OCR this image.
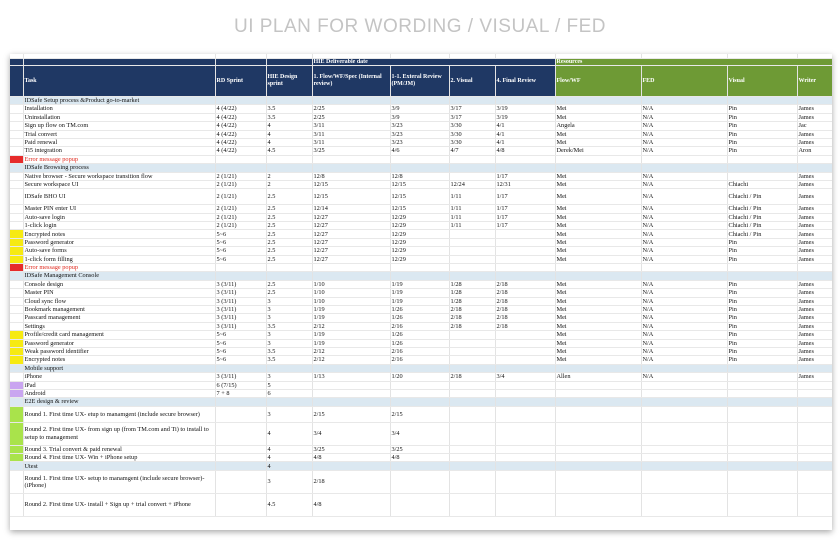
UI PLAN FOR WORDING / VISUAL / FED

				HIE Deliverable date				Resources			
	Task	RD Sprint	HIE Design sprint	1. Flow/WF/Spec (Internal review)	1-1. Exteral Review (PM/JM)	2. Visual	4. Final Review	Flow/WF	FED	Visual	Writer
	IDSafe Setup process &Product go-to-market										
	Installation	4 (4/22)	3.5	2/25	3/9	3/17	3/19	Mei	N/A	Pin	James
	Uninstallation	4 (4/22)	3.5	2/25	3/9	3/17	3/19	Mei	N/A	Pin	James
	Sign up flow on TM.com	4 (4/22)	4	3/11	3/23	3/30	4/1	Angela	N/A	Pin	Jac
	Trial convert	4 (4/22)	4	3/11	3/23	3/30	4/1	Mei	N/A	Pin	James
	Paid renewal	4 (4/22)	4	3/11	3/23	3/30	4/1	Mei	N/A	Pin	James
	Ti5 integration	4 (4/22)	4.5	3/25	4/6	4/7	4/8	Derek/Mei	N/A	Pin	Aron
	Error message popup										
	IDSafe Browsing process										
	Native browser - Secure workspace transition flow	2 (1/21)	2	12/8	12/8		1/17	Mei	N/A		James
	Secure workspace UI	2 (1/21)	2	12/15	12/15	12/24	12/31	Mei	N/A	Chiachi	James
	IDSafe BHO UI	2 (1/21)	2.5	12/15	12/15	1/11	1/17	Mei	N/A	Chiachi / Pin	James
	Master PIN enter UI	2 (1/21)	2.5	12/14	12/15	1/11	1/17	Mei	N/A	Chiachi / Pin	James
	Auto-save login	2 (1/21)	2.5	12/27	12/29	1/11	1/17	Mei	N/A	Chiachi / Pin	James
	1-click login	2 (1/21)	2.5	12/27	12/29	1/11	1/17	Mei	N/A	Chiachi / Pin	James
	Encrypted notes	5~6	2.5	12/27	12/29			Mei	N/A	Chiachi / Pin	James
	Password generator	5~6	2.5	12/27	12/29			Mei	N/A	Pin	James
	Auto-save forms	5~6	2.5	12/27	12/29			Mei	N/A	Pin	James
	1-click form filling	5~6	2.5	12/27	12/29			Mei	N/A	Pin	James
	Error message popup										
	IDSafe Management Console										
	Console design	3 (3/11)	2.5	1/10	1/19	1/28	2/18	Mei	N/A	Pin	James
	Master PIN	3 (3/11)	2.5	1/10	1/19	1/28	2/18	Mei	N/A	Pin	James
	Cloud sync flow	3 (3/11)	3	1/10	1/19	1/28	2/18	Mei	N/A	Pin	James
	Bookmark management	3 (3/11)	3	1/19	1/26	2/18	2/18	Mei	N/A	Pin	James
	Passcard management	3 (3/11)	3	1/19	1/26	2/18	2/18	Mei	N/A	Pin	James
	Settings	3 (3/11)	3.5	2/12	2/16	2/18	2/18	Mei	N/A	Pin	James
	Profile/credit card management	5~6	3	1/19	1/26			Mei	N/A	Pin	James
	Password generator	5~6	3	1/19	1/26			Mei	N/A	Pin	James
	Weak password identifier	5~6	3.5	2/12	2/16			Mei	N/A	Pin	James
	Encrypted notes	5~6	3.5	2/12	2/16			Mei	N/A	Pin	James
	Mobile support										
	iPhone	3 (3/11)	3	1/13	1/20	2/18	3/4	Allen	N/A		James
	iPad	6 (7/15)	5								
	Android	7 + 8	6								
	E2E design & review										
	Round 1. First time UX- etup to manamgent (include secure browser)		3	2/15	2/15						
	Round 2. First time UX- from sign up (from TM.com and Ti) to install to setup to management		4	3/4	3/4						
	Round 3. Trial convert & paid renewal		4	3/25	3/25						
	Round 4. First time UX- Win + iPhone setup		4	4/8	4/8						
	Utest		4								
	Round 1. First time UX- setup to manamgent (include secure browser)- (iPhone)		3	2/18							
	Round 2. First time UX- install + Sign up + trial convert + iPhone		4.5	4/8							
